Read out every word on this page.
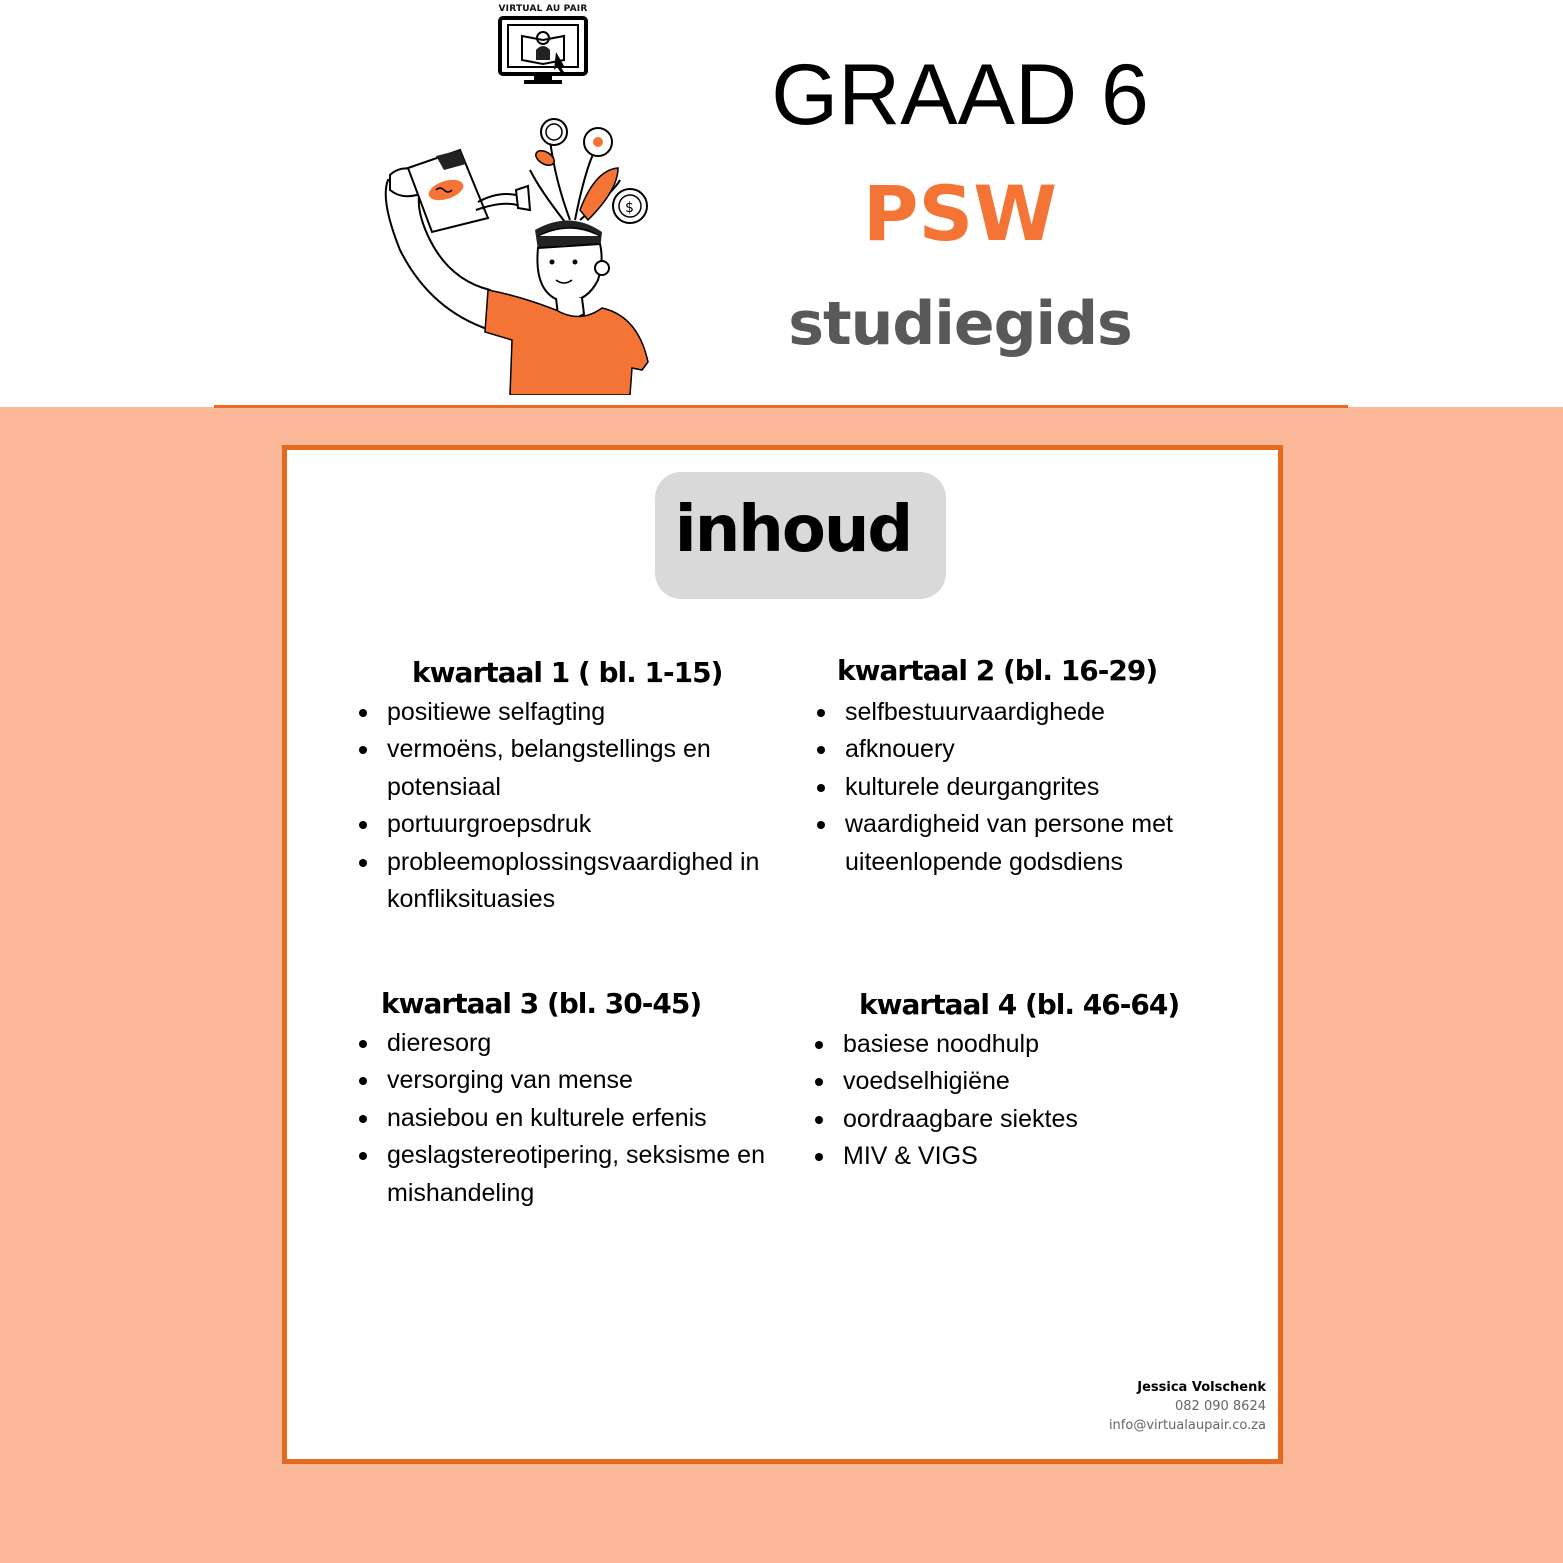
VIRTUAL AU PAIR
$
GRAAD 6
PSW
studiegids
inhoud
kwartaal 1 ( bl. 1-15)
positiewe selfagting
vermoëns, belangstellings en potensiaal
portuurgroepsdruk
probleemoplossingsvaardighed in konfliksituasies
kwartaal 2 (bl. 16-29)
selfbestuurvaardighede
afknouery
kulturele deurgangrites
waardigheid van persone met uiteenlopende godsdiens
kwartaal 3 (bl. 30-45)
dieresorg
versorging van mense
nasiebou en kulturele erfenis
geslagstereotipering, seksisme en mishandeling
kwartaal 4 (bl. 46-64)
basiese noodhulp
voedselhigiëne
oordraagbare siektes
MIV & VIGS
Jessica Volschenk
082 090 8624
info@virtualaupair.co.za
